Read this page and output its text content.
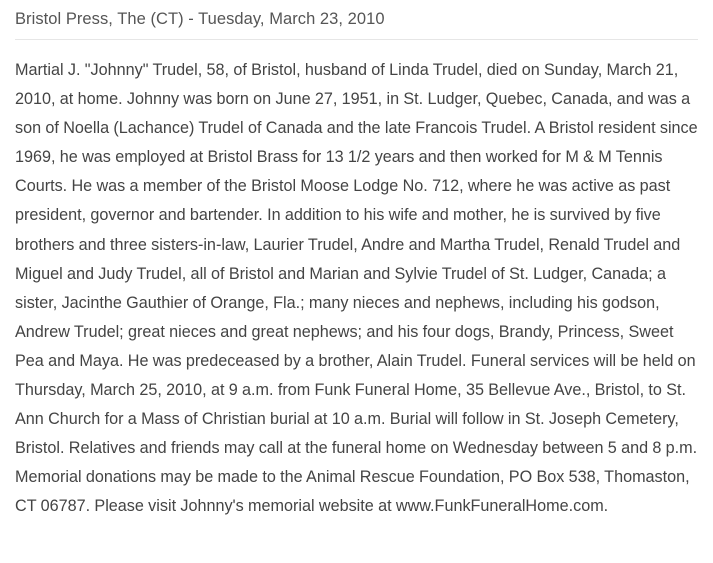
Bristol Press, The (CT) - Tuesday, March 23, 2010

Martial J. "Johnny" Trudel, 58, of Bristol, husband of Linda Trudel, died on Sunday, March 21, 2010, at home. Johnny was born on June 27, 1951, in St. Ludger, Quebec, Canada, and was a son of Noella (Lachance) Trudel of Canada and the late Francois Trudel. A Bristol resident since 1969, he was employed at Bristol Brass for 13 1/2 years and then worked for M & M Tennis Courts. He was a member of the Bristol Moose Lodge No. 712, where he was active as past president, governor and bartender. In addition to his wife and mother, he is survived by five brothers and three sisters-in-law, Laurier Trudel, Andre and Martha Trudel, Renald Trudel and Miguel and Judy Trudel, all of Bristol and Marian and Sylvie Trudel of St. Ludger, Canada; a sister, Jacinthe Gauthier of Orange, Fla.; many nieces and nephews, including his godson, Andrew Trudel; great nieces and great nephews; and his four dogs, Brandy, Princess, Sweet Pea and Maya. He was predeceased by a brother, Alain Trudel. Funeral services will be held on Thursday, March 25, 2010, at 9 a.m. from Funk Funeral Home, 35 Bellevue Ave., Bristol, to St. Ann Church for a Mass of Christian burial at 10 a.m. Burial will follow in St. Joseph Cemetery, Bristol. Relatives and friends may call at the funeral home on Wednesday between 5 and 8 p.m. Memorial donations may be made to the Animal Rescue Foundation, PO Box 538, Thomaston, CT 06787. Please visit Johnny's memorial website at www.FunkFuneralHome.com.
